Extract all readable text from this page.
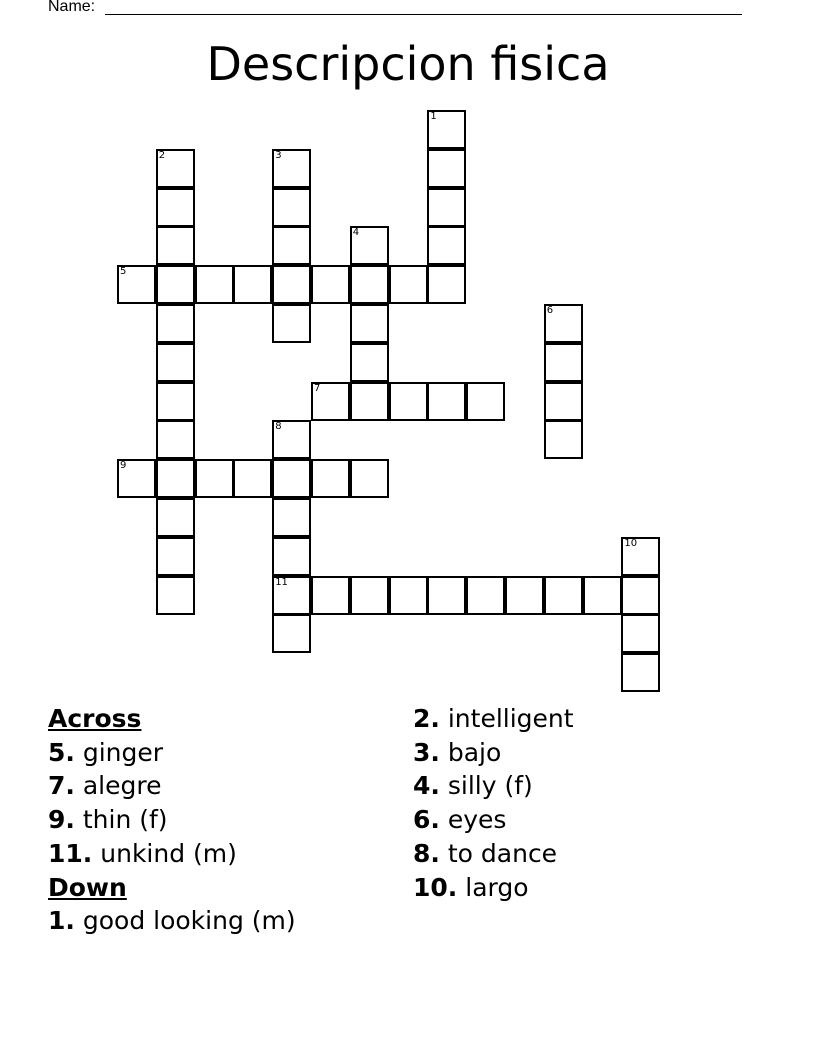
Name:
Descripcion fisica
1
2	3
4
5
6
7
8
11
9
10
Across
5. ginger
7. alegre
9. thin (f)
11. unkind (m)
Down
1. good looking (m)
2. intelligent
3. bajo
4. silly (f)
6. eyes
8. to dance
10. largo
